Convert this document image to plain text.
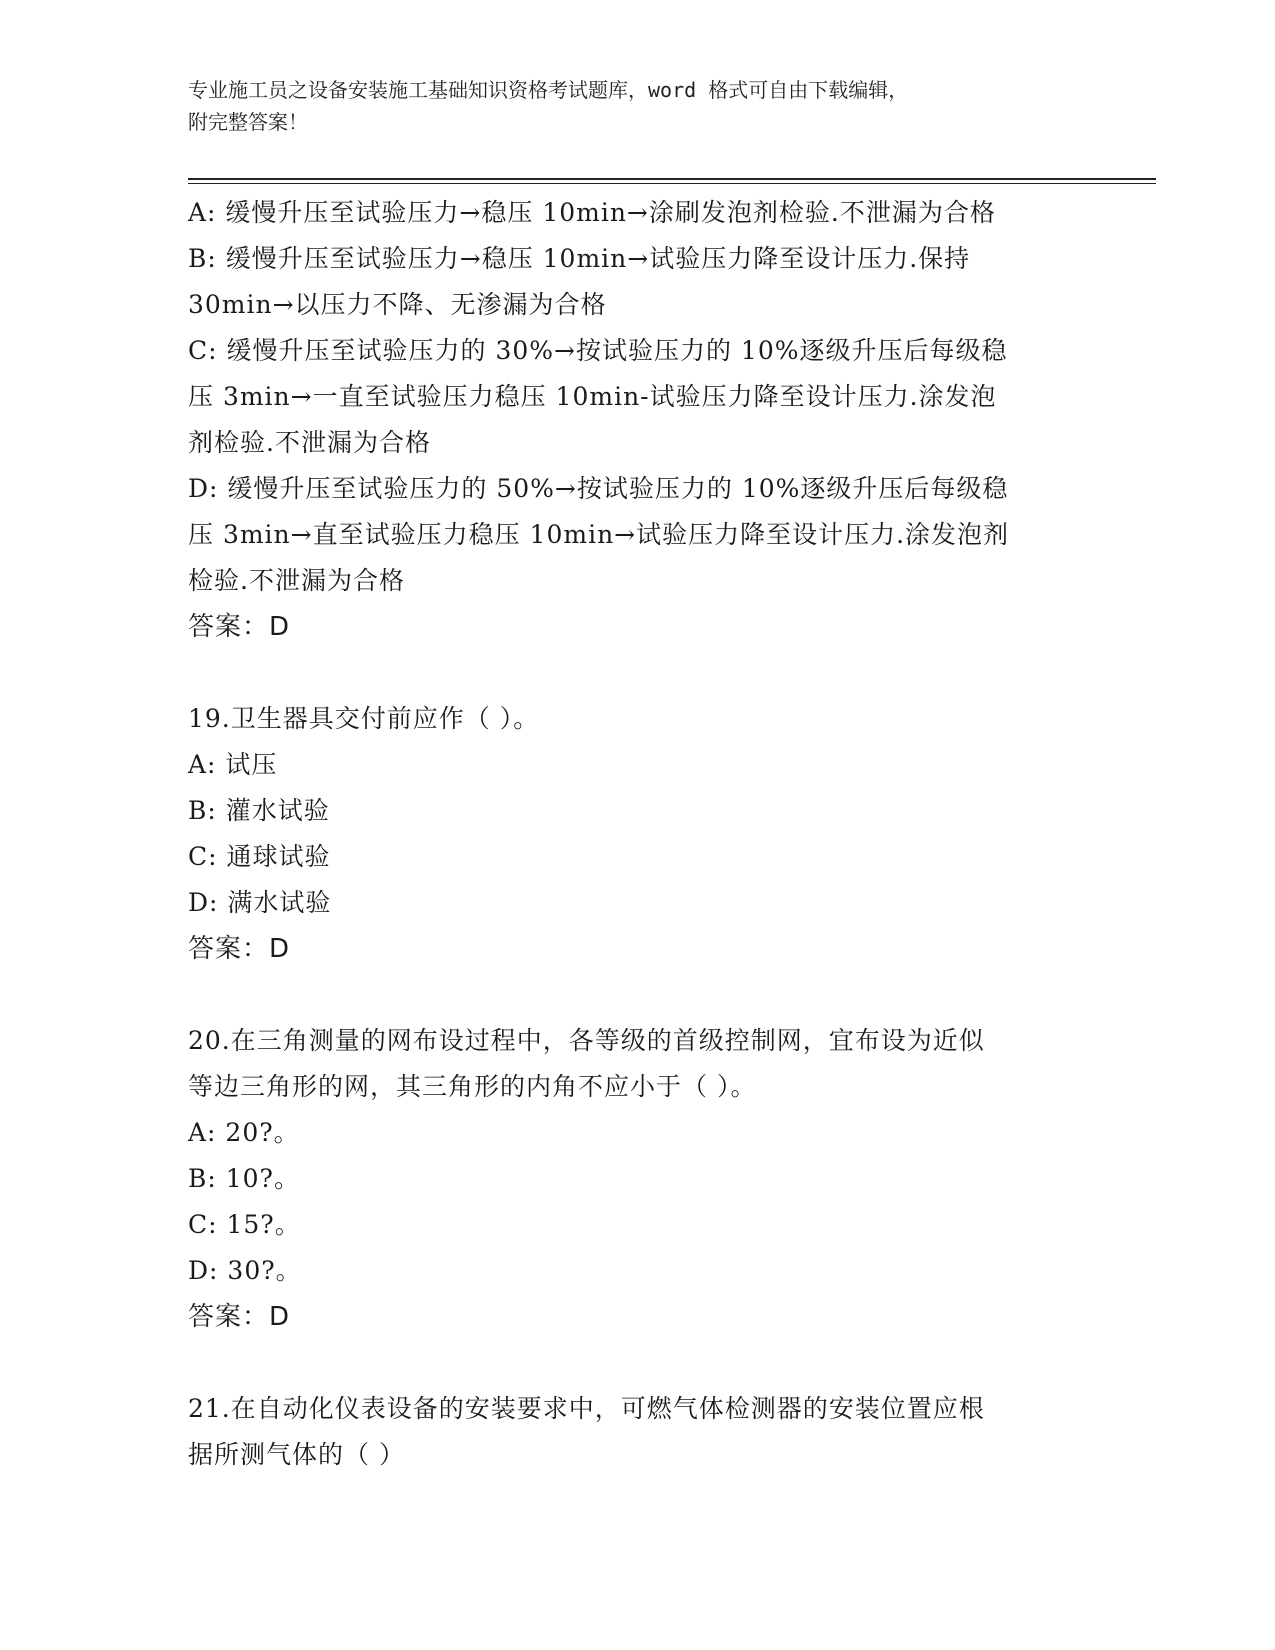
专业施工员之设备安装施工基础知识资格考试题库，word 格式可自由下载编辑，
附完整答案！
A: 缓慢升压至试验压力→稳压 10min→涂刷发泡剂检验.不泄漏为合格
B: 缓慢升压至试验压力→稳压 10min→试验压力降至设计压力.保持
30min→以压力不降、无渗漏为合格
C: 缓慢升压至试验压力的 30%→按试验压力的 10%逐级升压后每级稳
压 3min→一直至试验压力稳压 10min-试验压力降至设计压力.涂发泡
剂检验.不泄漏为合格
D: 缓慢升压至试验压力的 50%→按试验压力的 10%逐级升压后每级稳
压 3min→直至试验压力稳压 10min→试验压力降至设计压力.涂发泡剂
检验.不泄漏为合格
答案：D
19.卫生器具交付前应作（ ）。
A: 试压
B: 灌水试验
C: 通球试验
D: 满水试验
答案：D
20.在三角测量的网布设过程中，各等级的首级控制网，宜布设为近似
等边三角形的网，其三角形的内角不应小于（ ）。
A: 20?。
B: 10?。
C: 15?。
D: 30?。
答案：D
21.在自动化仪表设备的安装要求中，可燃气体检测器的安装位置应根
据所测气体的（ ）
